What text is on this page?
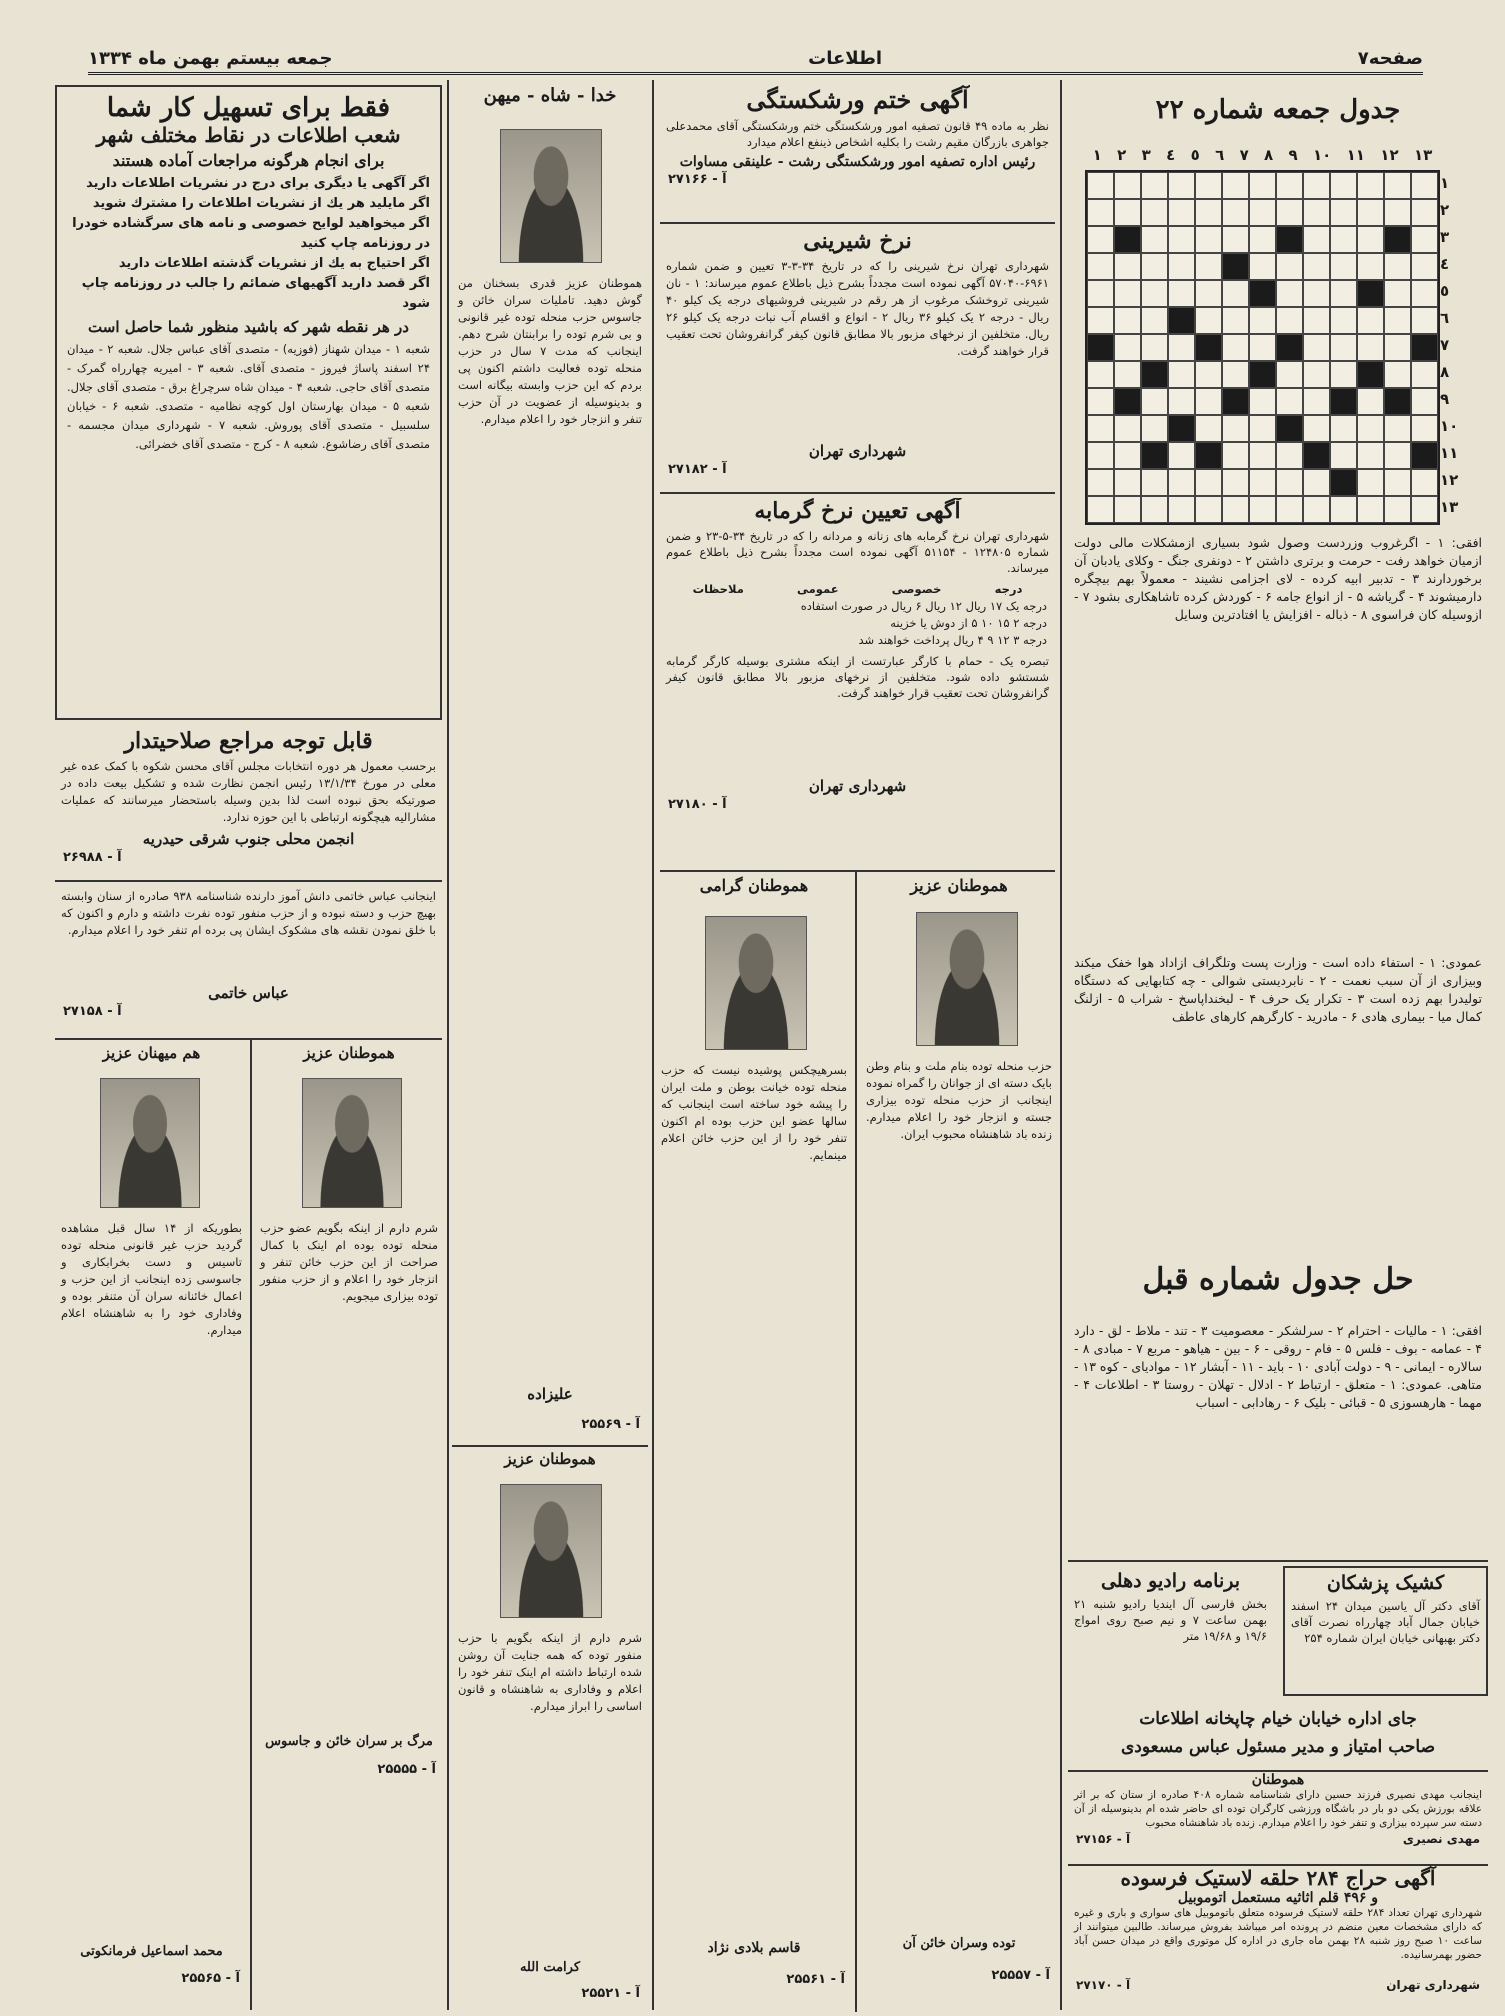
صفحه۷
اطلاعات
جمعه بیستم بهمن ماه ۱۳۳۴
جدول جمعه شماره ۲۲
١ ٢ ٣ ٤ ٥ ٦ ٧ ٨ ٩ ١٠ ١١ ١٢ ١٣
١
٢
٣
٤
٥
٦
٧
٨
٩
١٠
١١
١٢
١٣

افقی: ۱ - اگرغروب وزردست وصول شود بسیاری ازمشکلات مالی دولت ازمیان خواهد رفت - حرمت و برتری داشتن ۲ - دونفری جنگ - وکلای یادبان آن برخوردارند ۳ - تدبیر ابیه کرده - لای اجزامی نشیند - معمولاً بهم بیچگره دارمیشوند ۴ - گریاشه ۵ - از انواع جامه ۶ - کوردش کرده تاشاهکاری بشود ۷ - ازوسیله کان فراسوی ۸ - ذباله - افزایش یا افتادترین وسایل

عمودی: ۱ - استفاء داده است - وزارت پست وتلگراف ازاداد هوا خفک میکند وبیزاری از آن سبب نعمت - ۲ - نابردیستی شوالی - چه کتابهایی که دستگاه تولیدرا بهم زده است ۳ - تکرار یک حرف ۴ - لبخنداپاسخ - شراب ۵ - ازلنگ کمال میا - بیماری هادی ۶ - مادرید - کارگرهم کارهای عاطف

حل جدول شماره قبل

افقی: ۱ - مالیات - احترام ۲ - سرلشکر - معصومیت ۳ - تند - ملاط - لق - دارد ۴ - عمامه - بوف - فلس ۵ - فام - روقی - ۶ - بین - هیاهو - مربع ۷ - مبادی ۸ - سالاره - ایمانی - ۹ - دولت آبادی ۱۰ - باید - ۱۱ - آبشار ۱۲ - موادیای - کوه ۱۳ - متاهی. عمودی: ۱ - متعلق - ارتباط ۲ - ادلال - تهلان - روستا ۳ - اطلاعات ۴ - مهما - هارهسوزی ۵ - قبائی - بلیک ۶ - رهادابی - اسباب

کشیک پزشکان
آقای دکتر آل یاسین میدان ۲۴ اسفند خیابان جمال آباد چهارراه نصرت آقای دکتر بهبهانی خیابان ایران شماره ۲۵۴
برنامه رادیو دهلی
بخش فارسی آل ایندیا رادیو شنبه ۲۱ بهمن ساعت ۷ و نیم صبح روی امواج ۱۹/۶ و ۱۹/۶۸ متر
جای اداره خیابان خیام چاپخانه اطلاعات
صاحب امتیاز و مدیر مسئول عباس مسعودی
آگهی ختم ورشکستگی
نظر به ماده ۴۹ قانون تصفیه امور ورشکستگی ختم ورشکستگی آقای محمدعلی جواهری بازرگان مقیم رشت را بکلیه اشخاص ذینفع اعلام میدارد
رئیس اداره تصفیه امور ورشکستگی رشت - علینقی مساوات
آ - ۲۷۱۶۶
نرخ شیرینی
شهرداری تهران نرخ شیرینی را که در تاریخ ۳۴-۳-۳ تعیین و ضمن شماره ۶۹۶۱-۵۷۰۴۰ آگهی نموده است مجدداً بشرح ذیل باطلاع عموم میرساند: ۱ - نان شیرینی تروخشک مرغوب از هر رقم در شیرینی فروشیهای درجه یک کیلو ۴۰ ریال - درجه ۲ یک کیلو ۳۶ ریال ۲ - انواع و اقسام آب نبات درجه یک کیلو ۲۶ ریال. متخلفین از نرخهای مزبور بالا مطابق قانون کیفر گرانفروشان تحت تعقیب قرار خواهند گرفت.
شهرداری تهران
آ - ۲۷۱۸۲
آگهی تعیین نرخ گرمابه
شهرداری تهران نرخ گرمابه های زنانه و مردانه را که در تاریخ ۳۴-۵-۲۳ و ضمن شماره ۱۲۴۸۰۵ - ۵۱۱۵۴ آگهی نموده است مجدداً بشرح ذیل باطلاع عموم میرساند.
درجه
خصوصی
عمومی
ملاحظات
درجه یک ۱۷ ریال ۱۲ ریال ۶ ریال در صورت استفاده
درجه ۲ ۱۵ ۱۰ ۵ از دوش یا خزینه
درجه ۳ ۱۲ ۹ ۴ ریال پرداخت خواهند شد
تبصره یک - حمام با کارگر عبارتست از اینکه مشتری بوسیله کارگر گرمابه شستشو داده شود. متخلفین از نرخهای مزبور بالا مطابق قانون کیفر گرانفروشان تحت تعقیب قرار خواهند گرفت.
شهرداری تهران
آ - ۲۷۱۸۰
هموطنان عزیز
حزب منحله توده بنام ملت و بنام وطن بایک دسته ای از جوانان را گمراه نموده اینجانب از حزب منحله توده بیزاری جسته و انزجار خود را اعلام میدارم. زنده باد شاهنشاه محبوب ایران.
توده وسران خائن آن
آ - ۲۵۵۵۷
هموطنان گرامی
بسرهیچکس پوشیده نیست که حزب منحله توده خیانت بوطن و ملت ایران را پیشه خود ساخته است اینجانب که سالها عضو این حزب بوده ام اکنون تنفر خود را از این حزب خائن اعلام مینمایم.
قاسم بلادی نژاد
آ - ۲۵۵۶۱
خدا - شاه - میهن
هموطنان عزیز قدری بسخنان من گوش دهید. تاملیات سران خائن و جاسوس حزب منحله توده غیر قانونی و بی شرم توده را برابنتان شرح دهم. اینجانب که مدت ۷ سال در حزب منحله توده فعالیت داشتم اکنون پی بردم که این حزب وابسته بیگانه است و بدینوسیله از عضویت در آن حزب تنفر و انزجار خود را اعلام میدارم.
علیزاده
آ - ۲۵۵۶۹
هموطنان عزیز
شرم دارم از اینکه بگویم با حزب منفور توده که همه جنایت آن روشن شده ارتباط داشته ام اینک تنفر خود را اعلام و وفاداری به شاهنشاه و قانون اساسی را ابراز میدارم.
کرامت الله
آ - ۲۵۵۲۱
فقط برای تسهیل کار شما
شعب اطلاعات در نقاط مختلف شهر
برای انجام هرگونه مراجعات آماده هستند
اگر آگهی یا دیگری برای درج در نشریات اطلاعات دارید
اگر مایلید هر یك از نشریات اطلاعات را مشترك شوید
اگر میخواهید لوایح خصوصی و نامه های سرگشاده خودرا در روزنامه چاپ کنید
اگر احتیاج به یك از نشریات گذشته اطلاعات دارید
اگر قصد دارید آگهیهای ضمائم را جالب در روزنامه چاپ شود
در هر نقطه شهر که باشید منظور شما حاصل است
شعبه ۱ - میدان شهناز (فوزیه) - متصدی آقای عباس جلال. شعبه ۲ - میدان ۲۴ اسفند پاساژ فیروز - متصدی آقای. شعبه ۳ - امیریه چهارراه گمرک - متصدی آقای حاجی. شعبه ۴ - میدان شاه سرچراغ برق - متصدی آقای جلال. شعبه ۵ - میدان بهارستان اول کوچه نظامیه - متصدی. شعبه ۶ - خیابان سلسبیل - متصدی آقای پوروش. شعبه ۷ - شهرداری میدان مجسمه - متصدی آقای رضاشوع. شعبه ۸ - کرج - متصدی آقای خضرائی.
قابل توجه مراجع صلاحیتدار
برحسب معمول هر دوره انتخابات مجلس آقای محسن شکوه با کمک عده غیر معلی در مورخ ۱۳/۱/۳۴ رئیس انجمن نظارت شده و تشکیل بیعت داده در صورتیکه بحق نبوده است لذا بدین وسیله باستحضار میرسانند که عملیات مشارالیه هیچگونه ارتباطی با این حوزه ندارد.
انجمن محلی جنوب شرقی حیدریه
آ - ۲۶۹۸۸
اینجانب عباس خاتمی دانش آموز دارنده شناسنامه ۹۳۸ صادره از سنان وابسته بهیچ حزب و دسته نبوده و از حزب منفور توده نفرت داشته و دارم و اکنون که با خلق نمودن نقشه های مشکوک ایشان پی برده ام تنفر خود را اعلام میدارم.
عباس خاتمی
آ - ۲۷۱۵۸
هموطنان عزیز
شرم دارم از اینکه بگویم عضو حزب منحله توده بوده ام اینک با کمال صراحت از این حزب خائن تنفر و انزجار خود را اعلام و از حزب منفور توده بیزاری میجویم.
مرگ بر سران خائن و جاسوس
آ - ۲۵۵۵۵
هم میهنان عزیز
بطوریکه از ۱۴ سال قبل مشاهده گردید حزب غیر قانونی منحله توده تاسیس و دست بخرابکاری و جاسوسی زده اینجانب از این حزب و اعمال خائنانه سران آن متنفر بوده و وفاداری خود را به شاهنشاه اعلام میدارم.
محمد اسماعیل فرمانکوتی
آ - ۲۵۵۶۵
هموطنان
اینجانب مهدی نصیری فرزند حسین دارای شناسنامه شماره ۴۰۸ صادره از ستان که بر اثر علاقه بورزش یکی دو بار در باشگاه ورزشی کارگران توده ای حاضر شده ام بدینوسیله از آن دسته سر سپرده بیزاری و تنفر خود را اعلام میدارم. زنده باد شاهنشاه محبوب
مهدی نصیری
آ - ۲۷۱۵۶
آگهی حراج ۲۸۴ حلقه لاستیک فرسوده
و ۴۹۶ قلم اثاثیه مستعمل اتوموبیل
شهرداری تهران تعداد ۲۸۴ حلقه لاستیک فرسوده متعلق باتوموبیل های سواری و باری و غیره که دارای مشخصات معین منضم در پرونده امر میباشد بفروش میرساند. طالبین میتوانند از ساعت ۱۰ صبح روز شنبه ۲۸ بهمن ماه جاری در اداره کل موتوری واقع در میدان حسن آباد حضور بهمرسانیده.
شهرداری تهران
آ - ۲۷۱۷۰
